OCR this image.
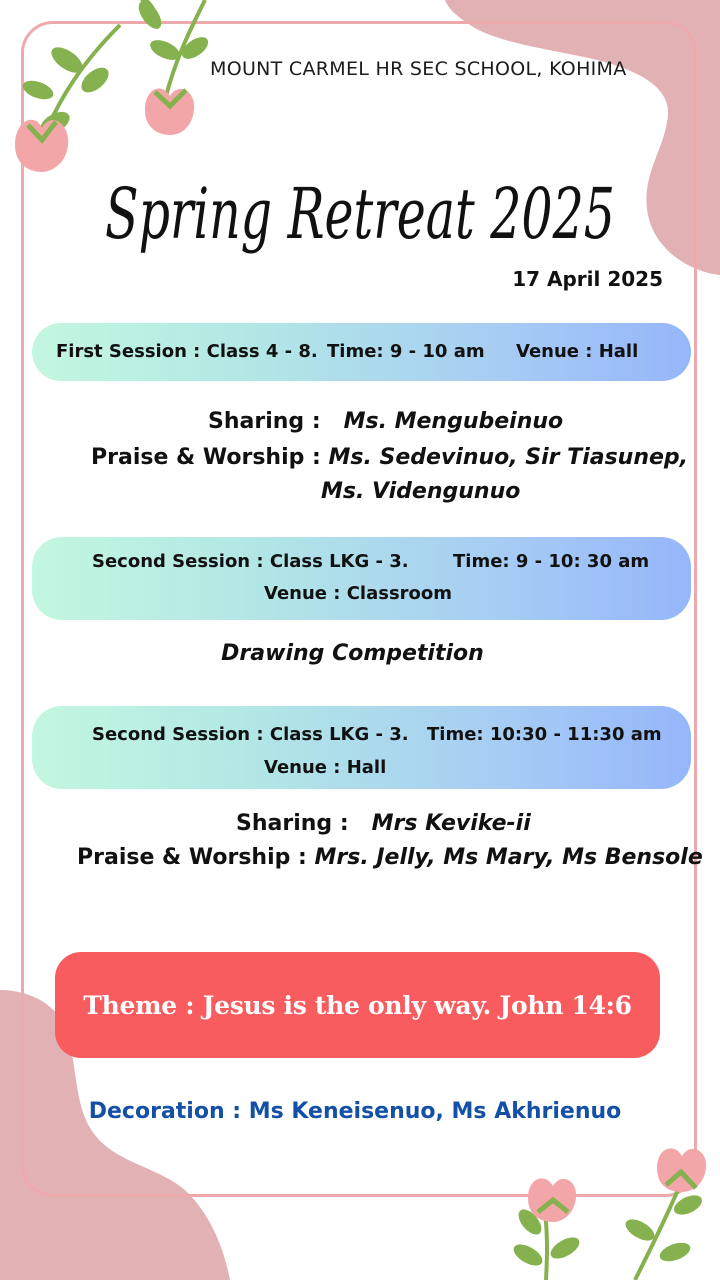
MOUNT CARMEL HR SEC SCHOOL, KOHIMA
Spring Retreat 2025
17 April 2025
First Session : Class 4 - 8. Time: 9 - 10 am Venue : Hall
Sharing : Ms. Mengubeinuo
Praise & Worship : Ms. Sedevinuo, Sir Tiasunep,
Ms. Videngunuo
Second Session : Class LKG - 3. Time: 9 - 10: 30 am
Venue : Classroom
Drawing Competition
Second Session : Class LKG - 3. Time: 10:30 - 11:30 am
Venue : Hall
Sharing : Mrs Kevike-ii
Praise & Worship : Mrs. Jelly, Ms Mary, Ms Bensole
Theme : Jesus is the only way. John 14:6
Decoration : Ms Keneisenuo, Ms Akhrienuo
